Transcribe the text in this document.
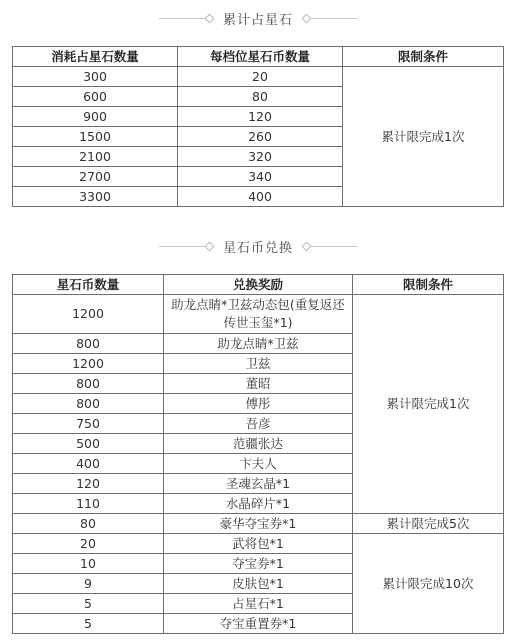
累计占星石
消耗占星石数量	每档位星石币数量	限制条件
300	20	累计限完成1次
600	80	
900	120	
1500	260	
2100	320	
2700	340	
3300	400	
星石币兑换
星石币数量	兑换奖励	限制条件
1200	助龙点睛*卫兹动态包(重复返还传世玉玺*1)	累计限完成1次
800	助龙点睛*卫兹	
1200	卫兹	
800	董昭	
800	傅彤	
750	吾彦	
500	范疆张达	
400	卞夫人	
120	圣魂玄晶*1	
110	水晶碎片*1	
80	豪华夺宝券*1	累计限完成5次
20	武将包*1	累计限完成10次
10	夺宝券*1	
9	皮肤包*1	
5	占星石*1	
5	夺宝重置券*1	
